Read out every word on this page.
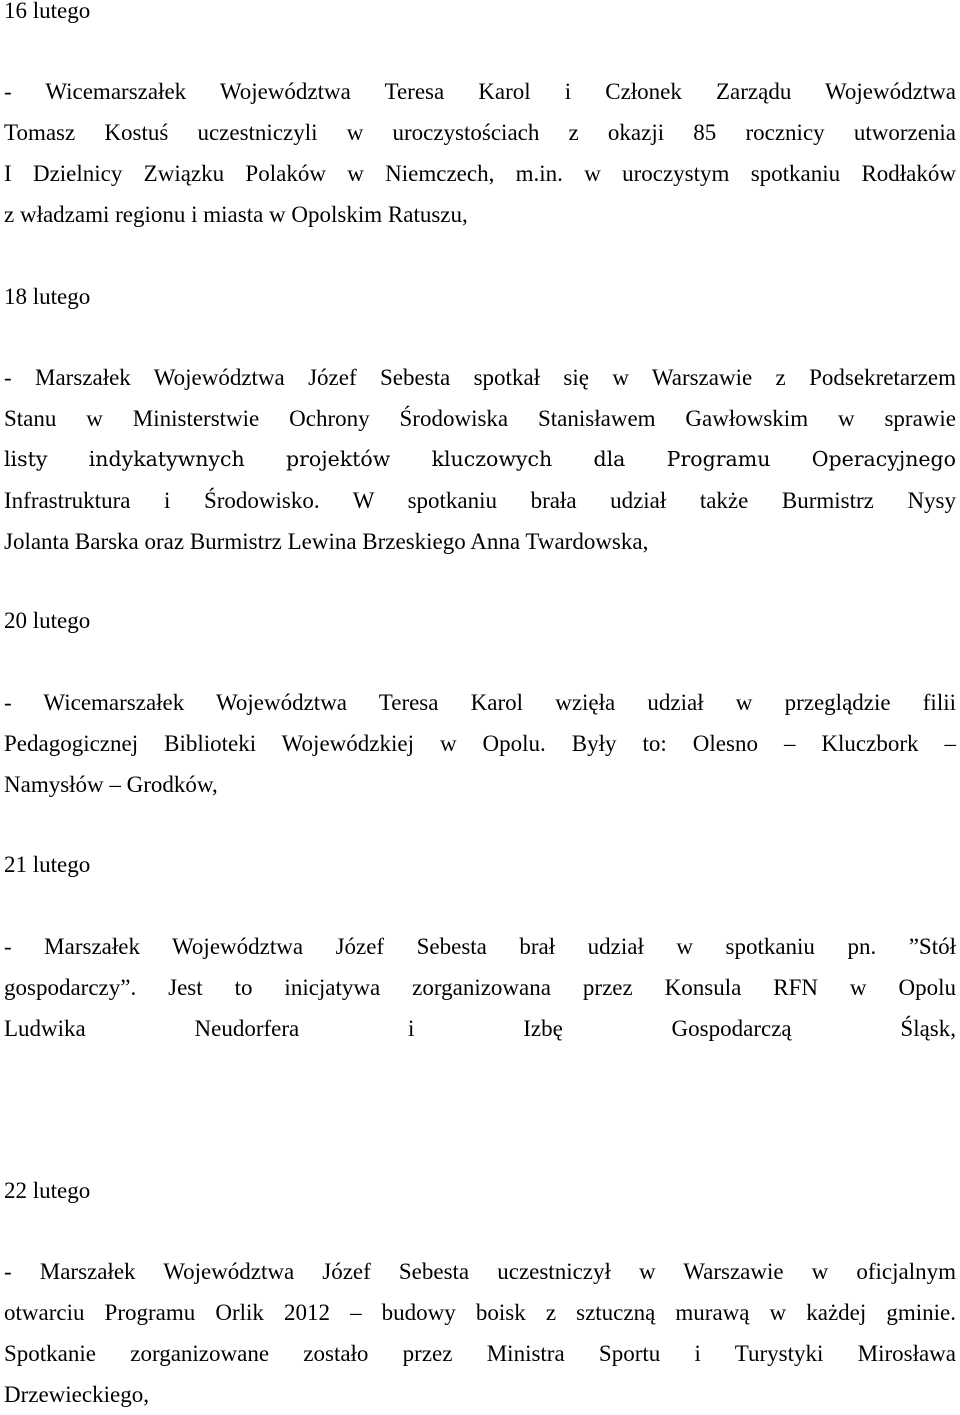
16 lutego

- Wicemarszałek Województwa Teresa Karol i Członek Zarządu Województwa
Tomasz Kostuś uczestniczyli w uroczystościach z okazji 85 rocznicy utworzenia
I Dzielnicy Związku Polaków w Niemczech, m.in. w uroczystym spotkaniu Rodłaków
z władzami regionu i miasta w Opolskim Ratuszu,

18 lutego

- Marszałek Województwa Józef Sebesta spotkał się w Warszawie z Podsekretarzem
Stanu w Ministerstwie Ochrony Środowiska Stanisławem Gawłowskim w sprawie
listy indykatywnych projektów kluczowych dla Programu Operacyjnego
Infrastruktura i Środowisko. W spotkaniu brała udział także Burmistrz Nysy
Jolanta Barska oraz Burmistrz Lewina Brzeskiego Anna Twardowska,

20 lutego

- Wicemarszałek Województwa Teresa Karol wzięła udział w przeglądzie filii
Pedagogicznej Biblioteki Wojewódzkiej w Opolu. Były to: Olesno – Kluczbork –
Namysłów – Grodków,

21 lutego

- Marszałek Województwa Józef Sebesta brał udział w spotkaniu pn. ”Stół
gospodarczy”. Jest to inicjatywa zorganizowana przez Konsula RFN w Opolu
Ludwika Neudorfera i Izbę Gospodarczą Śląsk,

22 lutego

- Marszałek Województwa Józef Sebesta uczestniczył w Warszawie w oficjalnym
otwarciu Programu Orlik 2012 – budowy boisk z sztuczną murawą w każdej gminie.
Spotkanie zorganizowane zostało przez Ministra Sportu i Turystyki Mirosława
Drzewieckiego,
